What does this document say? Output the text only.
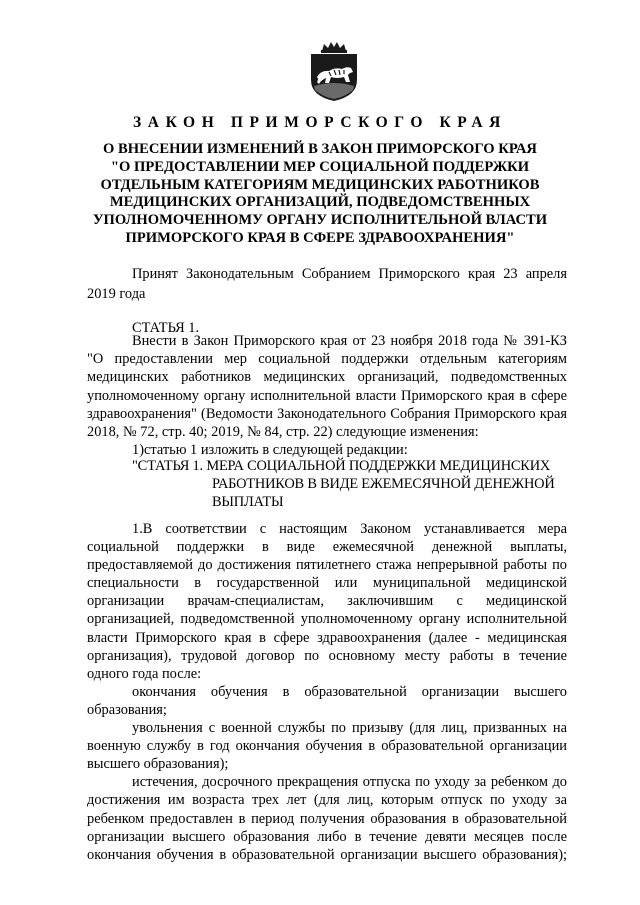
ЗАКОН ПРИМОРСКОГО КРАЯ
О ВНЕСЕНИИ ИЗМЕНЕНИЙ В ЗАКОН ПРИМОРСКОГО КРАЯ
"О ПРЕДОСТАВЛЕНИИ МЕР СОЦИАЛЬНОЙ ПОДДЕРЖКИ
ОТДЕЛЬНЫМ КАТЕГОРИЯМ МЕДИЦИНСКИХ РАБОТНИКОВ
МЕДИЦИНСКИХ ОРГАНИЗАЦИЙ, ПОДВЕДОМСТВЕННЫХ
УПОЛНОМОЧЕННОМУ ОРГАНУ ИСПОЛНИТЕЛЬНОЙ ВЛАСТИ
ПРИМОРСКОГО КРАЯ В СФЕРЕ ЗДРАВООХРАНЕНИЯ"
Принят Законодательным Собранием Приморского края 23 апреля
2019 года
СТАТЬЯ 1.
Внести в Закон Приморского края от 23 ноября 2018 года № 391-КЗ
"О предоставлении мер социальной поддержки отдельным категориям
медицинских работников медицинских организаций, подведомственных
уполномоченному органу исполнительной власти Приморского края в сфере
здравоохранения" (Ведомости Законодательного Собрания Приморского края
2018, № 72, стр. 40; 2019, № 84, стр. 22) следующие изменения:
1)статью 1 изложить в следующей редакции:
"СТАТЬЯ 1. МЕРА СОЦИАЛЬНОЙ ПОДДЕРЖКИ МЕДИЦИНСКИХ
РАБОТНИКОВ В ВИДЕ ЕЖЕМЕСЯЧНОЙ ДЕНЕЖНОЙ
ВЫПЛАТЫ
1.В соответствии с настоящим Законом устанавливается мера
социальной поддержки в виде ежемесячной денежной выплаты,
предоставляемой до достижения пятилетнего стажа непрерывной работы по
специальности в государственной или муниципальной медицинской
организации врачам-специалистам, заключившим с медицинской
организацией, подведомственной уполномоченному органу исполнительной
власти Приморского края в сфере здравоохранения (далее - медицинская
организация), трудовой договор по основному месту работы в течение
одного года после:
окончания обучения в образовательной организации высшего
образования;
увольнения с военной службы по призыву (для лиц, призванных на
военную службу в год окончания обучения в образовательной организации
высшего образования);
истечения, досрочного прекращения отпуска по уходу за ребенком до
достижения им возраста трех лет (для лиц, которым отпуск по уходу за
ребенком предоставлен в период получения образования в образовательной
организации высшего образования либо в течение девяти месяцев после
окончания обучения в образовательной организации высшего образования);
